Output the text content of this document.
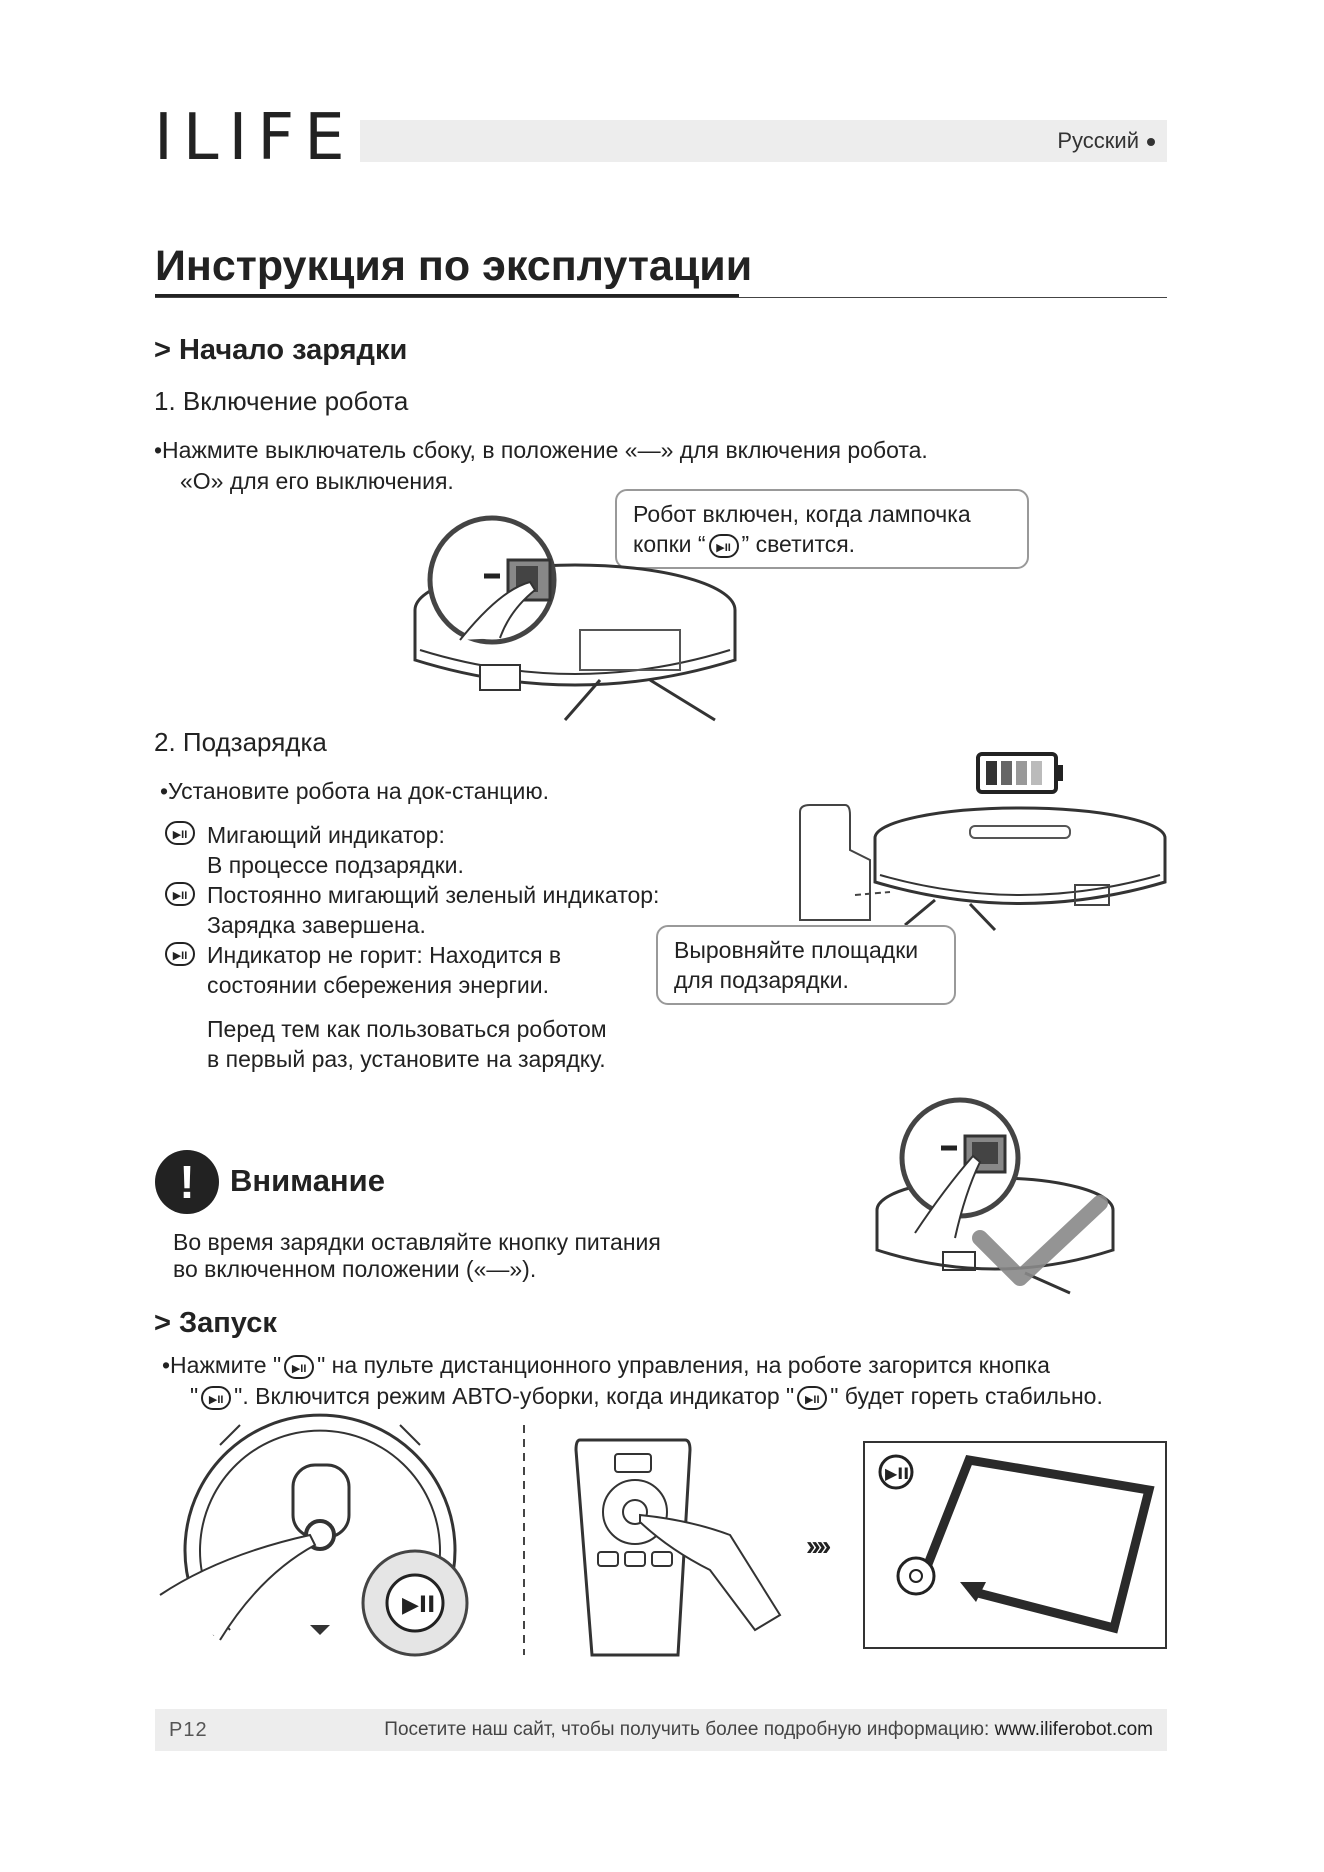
ILIFE	Русский
Инструкция по эксплутации
> Начало зарядки
1. Включение робота
•Нажмите выключатель сбоку, в положение «—» для включения робота.
«O» для его выключения.
Робот включен, когда лампочка
копки “ ▶II ” светится.
2. Подзарядка
•Установите робота на док-станцию.
▶II Мигающий индикатор:
В процессе подзарядки.
▶II Постоянно мигающий зеленый индикатор:
Зарядка завершена.
▶II Индикатор не горит: Находится в
состоянии сбережения энергии.
Перед тем как пользоваться роботом
в первый раз, установите на зарядку.
Выровняйте площадки
для подзарядки.
!	Внимание
Во время зарядки оставляйте кнопку питания
во включенном положении («—»).
> Запуск
•Нажмите " ▶II " на пульте дистанционного управления, на роботе загорится кнопка
" ▶II ". Включится режим АВТО-уборки, когда индикатор " ▶II " будет гореть стабильно.
▶II
››››
▶II
P12	Посетите наш сайт, чтобы получить более подробную информацию: www.iliferobot.com
